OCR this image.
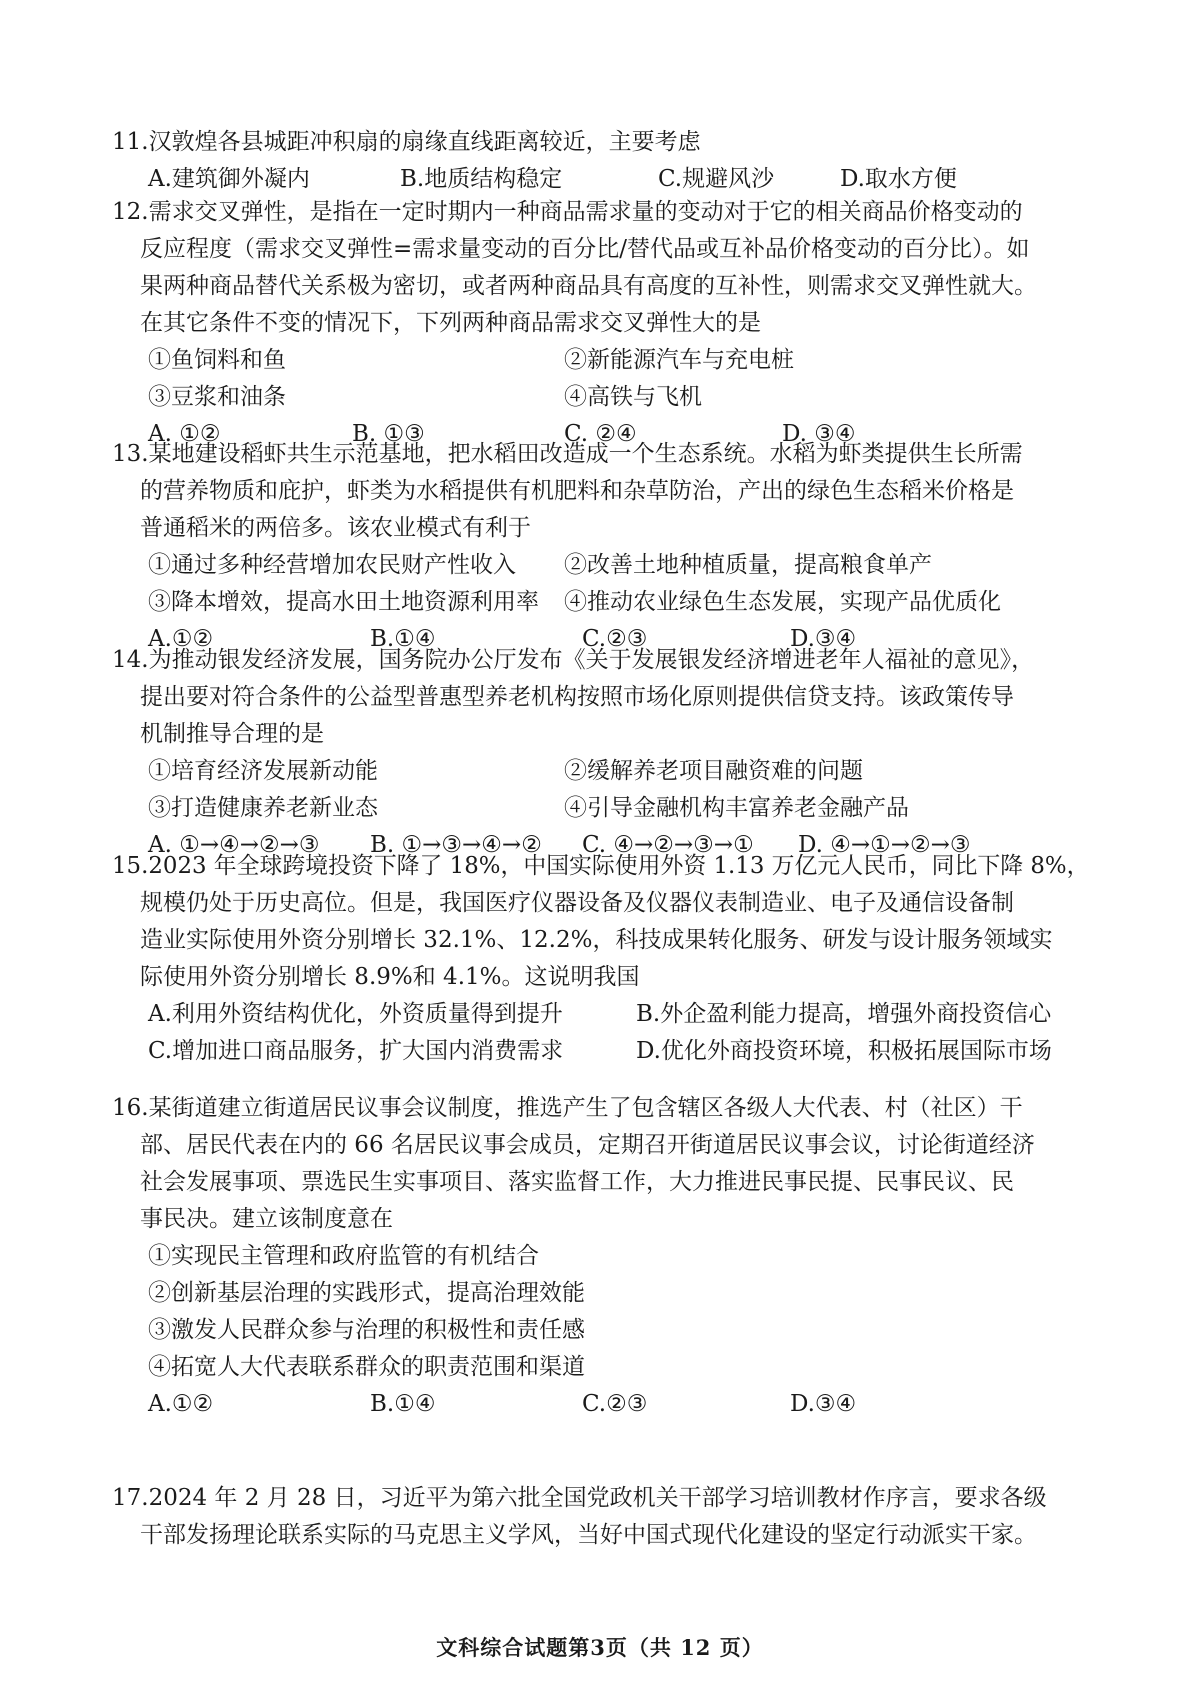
11.汉敦煌各县城距冲积扇的扇缘直线距离较近，主要考虑
A.建筑御外凝内	B.地质结构稳定	C.规避风沙	D.取水方便
12.需求交叉弹性，是指在一定时期内一种商品需求量的变动对于它的相关商品价格变动的
反应程度（需求交叉弹性=需求量变动的百分比/替代品或互补品价格变动的百分比）。如
果两种商品替代关系极为密切，或者两种商品具有高度的互补性，则需求交叉弹性就大。
在其它条件不变的情况下，下列两种商品需求交叉弹性大的是
①鱼饲料和鱼	②新能源汽车与充电桩
③豆浆和油条	④高铁与飞机
A. ①②	B. ①③	C. ②④	D. ③④
13.某地建设稻虾共生示范基地，把水稻田改造成一个生态系统。水稻为虾类提供生长所需
的营养物质和庇护，虾类为水稻提供有机肥料和杂草防治，产出的绿色生态稻米价格是
普通稻米的两倍多。该农业模式有利于
①通过多种经营增加农民财产性收入 ②改善土地种植质量，提高粮食单产
③降本增效，提高水田土地资源利用率 ④推动农业绿色生态发展，实现产品优质化
A.①②	B.①④	C.②③	D.③④
14.为推动银发经济发展，国务院办公厅发布《关于发展银发经济增进老年人福祉的意见》，
提出要对符合条件的公益型普惠型养老机构按照市场化原则提供信贷支持。该政策传导
机制推导合理的是
①培育经济发展新动能	②缓解养老项目融资难的问题
③打造健康养老新业态	④引导金融机构丰富养老金融产品
A. ①→④→②→③ B. ①→③→④→② C. ④→②→③→① D. ④→①→②→③
15.2023 年全球跨境投资下降了 18%，中国实际使用外资 1.13 万亿元人民币，同比下降 8%，
规模仍处于历史高位。但是，我国医疗仪器设备及仪器仪表制造业、电子及通信设备制
造业实际使用外资分别增长 32.1%、12.2%，科技成果转化服务、研发与设计服务领域实
际使用外资分别增长 8.9%和 4.1%。这说明我国
A.利用外资结构优化，外资质量得到提升	B.外企盈利能力提高，增强外商投资信心
C.增加进口商品服务，扩大国内消费需求	D.优化外商投资环境，积极拓展国际市场
16.某街道建立街道居民议事会议制度，推选产生了包含辖区各级人大代表、村（社区）干
部、居民代表在内的 66 名居民议事会成员，定期召开街道居民议事会议，讨论街道经济
社会发展事项、票选民生实事项目、落实监督工作，大力推进民事民提、民事民议、民
事民决。建立该制度意在
①实现民主管理和政府监管的有机结合
②创新基层治理的实践形式，提高治理效能
③激发人民群众参与治理的积极性和责任感
④拓宽人大代表联系群众的职责范围和渠道
A.①②	B.①④	C.②③	D.③④
17.2024 年 2 月 28 日，习近平为第六批全国党政机关干部学习培训教材作序言，要求各级
干部发扬理论联系实际的马克思主义学风，当好中国式现代化建设的坚定行动派实干家。
文科综合试题第3页（共 12 页）
